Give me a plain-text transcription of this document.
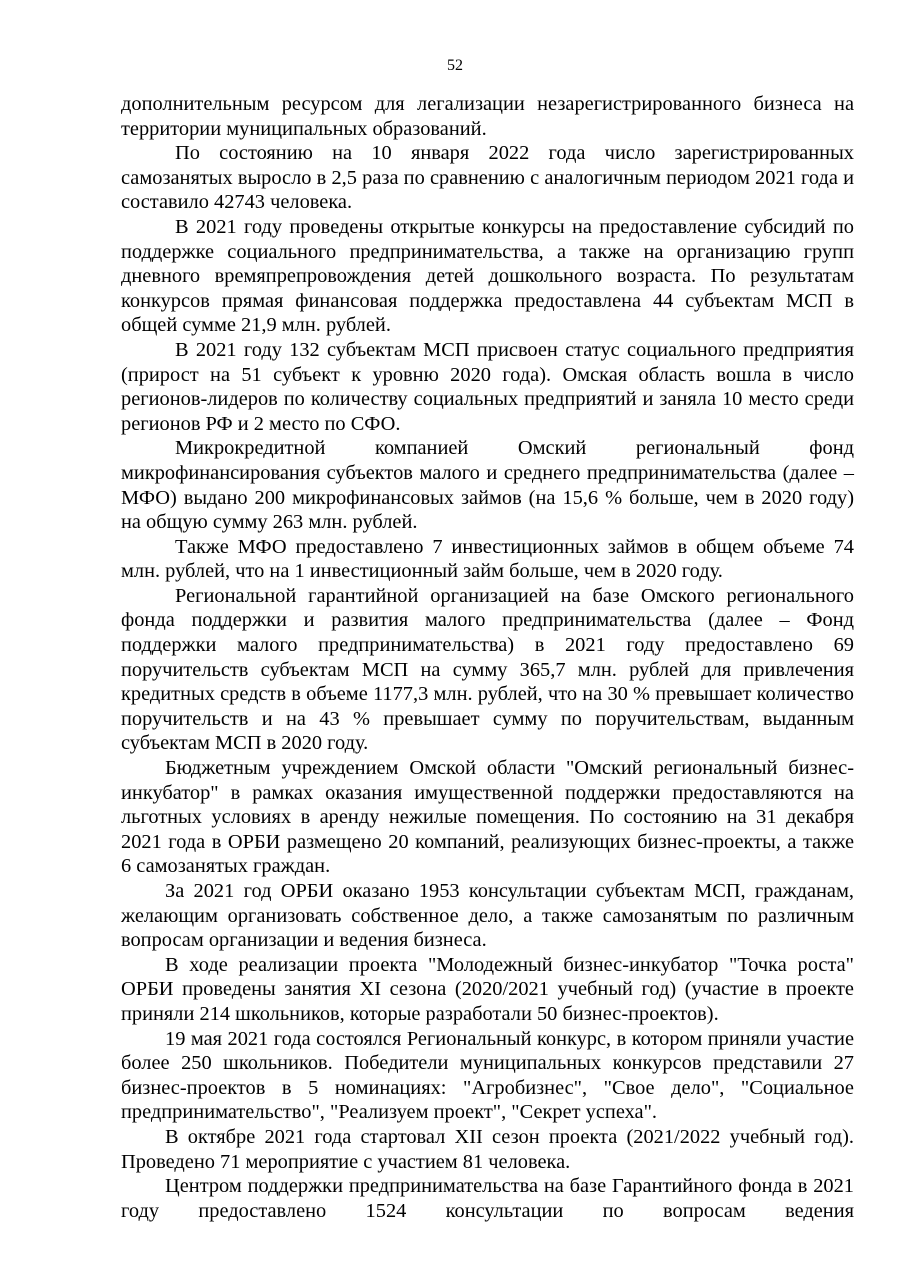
52

дополнительным ресурсом для легализации незарегистрированного бизнеса на территории муниципальных образований.

По состоянию на 10 января 2022 года число зарегистрированных самозанятых выросло в 2,5 раза по сравнению с аналогичным периодом 2021 года и составило 42743 человека.

В 2021 году проведены открытые конкурсы на предоставление субсидий по поддержке социального предпринимательства, а также на организацию групп дневного времяпрепровождения детей дошкольного возраста. По результатам конкурсов прямая финансовая поддержка предоставлена 44 субъектам МСП в общей сумме 21,9 млн. рублей.

В 2021 году 132 субъектам МСП присвоен статус социального предприятия (прирост на 51 субъект к уровню 2020 года). Омская область вошла в число регионов-лидеров по количеству социальных предприятий и заняла 10 место среди регионов РФ и 2 место по СФО.

Микрокредитной компанией Омский региональный фонд микрофинансирования субъектов малого и среднего предпринимательства (далее – МФО) выдано 200 микрофинансовых займов (на 15,6 % больше, чем в 2020 году) на общую сумму 263 млн. рублей.

Также МФО предоставлено 7 инвестиционных займов в общем объеме 74 млн. рублей, что на 1 инвестиционный займ больше, чем в 2020 году.

Региональной гарантийной организацией на базе Омского регионального фонда поддержки и развития малого предпринимательства (далее – Фонд поддержки малого предпринимательства) в 2021 году предоставлено 69 поручительств субъектам МСП на сумму 365,7 млн. рублей для привлечения кредитных средств в объеме 1177,3 млн. рублей, что на 30 % превышает количество поручительств и на 43 % превышает сумму по поручительствам, выданным субъектам МСП в 2020 году.

Бюджетным учреждением Омской области "Омский региональный бизнес-инкубатор" в рамках оказания имущественной поддержки предоставляются на льготных условиях в аренду нежилые помещения. По состоянию на 31 декабря 2021 года в ОРБИ размещено 20 компаний, реализующих бизнес-проекты, а также 6 самозанятых граждан.

За 2021 год ОРБИ оказано 1953 консультации субъектам МСП, гражданам, желающим организовать собственное дело, а также самозанятым по различным вопросам организации и ведения бизнеса.

В ходе реализации проекта "Молодежный бизнес-инкубатор "Точка роста" ОРБИ проведены занятия XI сезона (2020/2021 учебный год) (участие в проекте приняли 214 школьников, которые разработали 50 бизнес-проектов).

19 мая 2021 года состоялся Региональный конкурс, в котором приняли участие более 250 школьников. Победители муниципальных конкурсов представили 27 бизнес-проектов в 5 номинациях: "Агробизнес", "Свое дело", "Социальное предпринимательство", "Реализуем проект", "Секрет успеха".

В октябре 2021 года стартовал XII сезон проекта (2021/2022 учебный год). Проведено 71 мероприятие с участием 81 человека.

Центром поддержки предпринимательства на базе Гарантийного фонда в 2021 году предоставлено 1524 консультации по вопросам ведения
